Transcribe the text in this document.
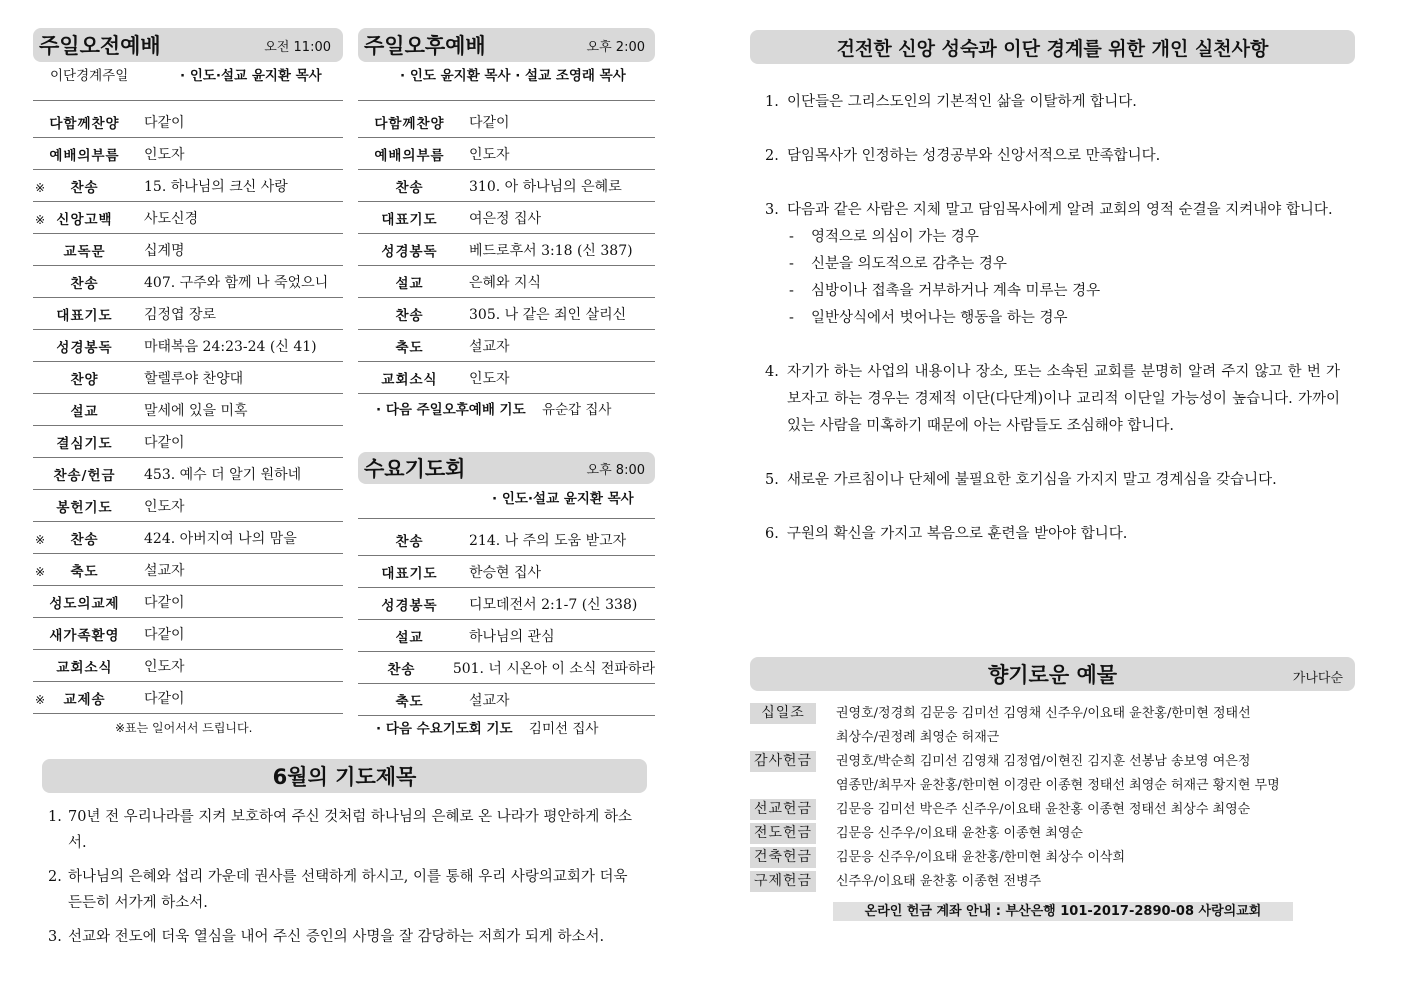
주일오전예배	오전 11:00
이단경계주일	· 인도·설교 윤지환 목사
다함께찬양	다같이
예배의부름	인도자
※	찬송	15. 하나님의 크신 사랑
※ 신앙고백	사도신경
교독문	십계명
찬송	407. 구주와 함께 나 죽었으니
대표기도	김정엽 장로
성경봉독	마태복음 24:23-24 (신 41)
찬양	할렐루야 찬양대
설교	말세에 있을 미혹
결심기도	다같이
찬송/헌금	453. 예수 더 알기 원하네
봉헌기도	인도자
※	찬송	424. 아버지여 나의 맘을
※	축도	설교자
성도의교제	다같이
새가족환영	다같이
교회소식	인도자
※	교제송	다같이
※표는 일어서서 드립니다.
주일오후예배	오후 2:00
· 인도 윤지환 목사 · 설교 조영래 목사
다함께찬양	다같이
예배의부름	인도자
찬송	310. 아 하나님의 은혜로
대표기도	여은정 집사
성경봉독	베드로후서 3:18 (신 387)
설교	은혜와 지식
찬송	305. 나 같은 죄인 살리신
축도	설교자
교회소식	인도자
· 다음 주일오후예배 기도 유순갑 집사
수요기도회	오후 8:00
· 인도·설교 윤지환 목사
찬송	214. 나 주의 도움 받고자
대표기도	한승현 집사
성경봉독	디모데전서 2:1-7 (신 338)
설교	하나님의 관심
찬송	501. 너 시온아 이 소식 전파하라
축도	설교자
· 다음 수요기도회 기도 김미선 집사
6월의 기도제목
1. 70년 전 우리나라를 지켜 보호하여 주신 것처럼 하나님의 은혜로 온 나라가 평안하게 하소서.
2. 하나님의 은혜와 섭리 가운데 권사를 선택하게 하시고, 이를 통해 우리 사랑의교회가 더욱 든든히 서가게 하소서.
3. 선교와 전도에 더욱 열심을 내어 주신 증인의 사명을 잘 감당하는 저희가 되게 하소서.
건전한 신앙 성숙과 이단 경계를 위한 개인 실천사항
1. 이단들은 그리스도인의 기본적인 삶을 이탈하게 합니다.
2. 담임목사가 인정하는 성경공부와 신앙서적으로 만족합니다.
3. 다음과 같은 사람은 지체 말고 담임목사에게 알려 교회의 영적 순결을 지켜내야 합니다.
-	영적으로 의심이 가는 경우
-	신분을 의도적으로 감추는 경우
-	심방이나 접촉을 거부하거나 계속 미루는 경우
-	일반상식에서 벗어나는 행동을 하는 경우
4. 자기가 하는 사업의 내용이나 장소, 또는 소속된 교회를 분명히 알려 주지 않고 한 번 가 보자고 하는 경우는 경제적 이단(다단계)이나 교리적 이단일 가능성이 높습니다. 가까이 있는 사람을 미혹하기 때문에 아는 사람들도 조심해야 합니다.
5. 새로운 가르침이나 단체에 불필요한 호기심을 가지지 말고 경계심을 갖습니다.
6. 구원의 확신을 가지고 복음으로 훈련을 받아야 합니다.
향기로운 예물	가나다순
십일조	권영호/정경희 김문응 김미선 김영채 신주우/이요태 윤찬홍/한미현 정태선
최상수/권정례 최영순 허재근
감사헌금	권영호/박순희 김미선 김영채 김정엽/이현진 김지훈 선봉남 송보영 여은정
염종만/최무자 윤찬홍/한미현 이경란 이종현 정태선 최영순 허재근 황지현 무명
선교헌금	김문응 김미선 박은주 신주우/이요태 윤찬홍 이종현 정태선 최상수 최영순
전도헌금	김문응 신주우/이요태 윤찬홍 이종현 최영순
건축헌금	김문응 신주우/이요태 윤찬홍/한미현 최상수 이삭희
구제헌금	신주우/이요태 윤찬홍 이종현 전병주
온라인 헌금 계좌 안내 : 부산은행 101-2017-2890-08 사랑의교회
